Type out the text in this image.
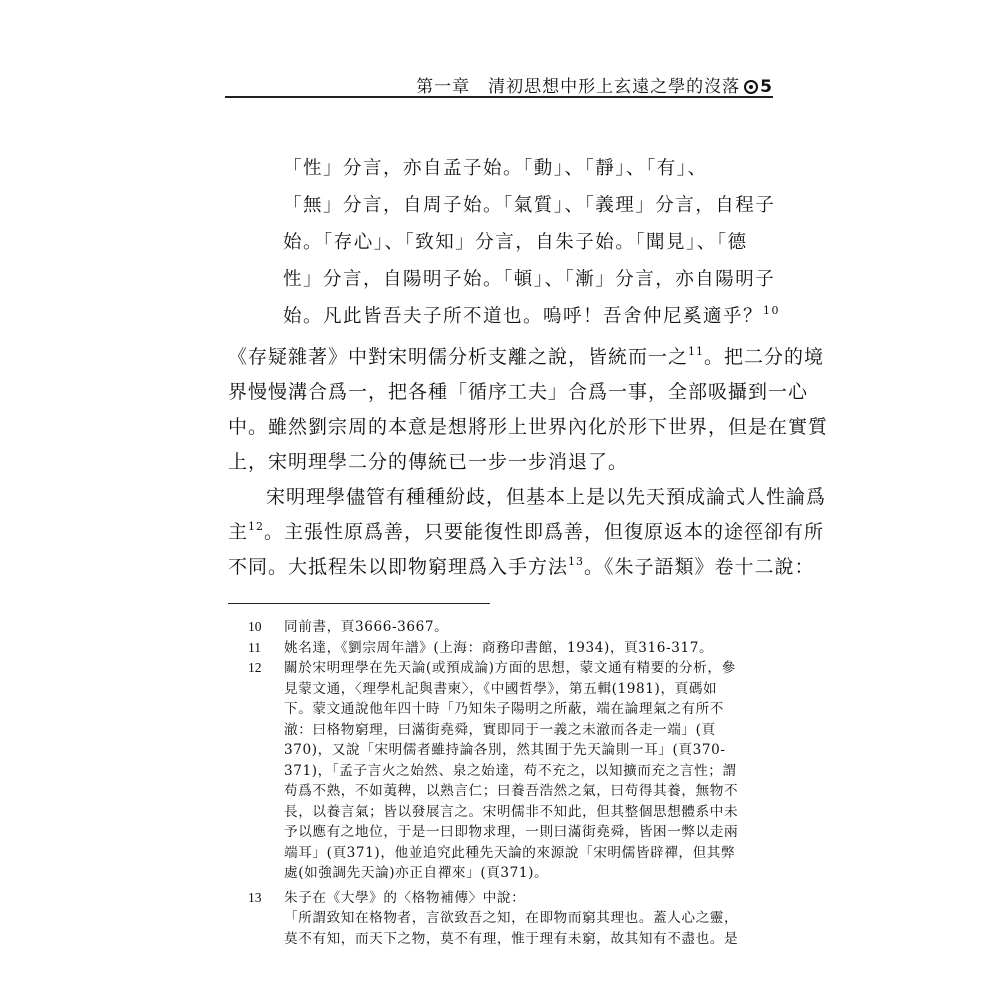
第一章　清初思想中形上玄遠之學的沒落 5
「性」分言，亦自孟子始。「動」、「靜」、「有」、
「無」分言，自周子始。「氣質」、「義理」分言，自程子
始。「存心」、「致知」分言，自朱子始。「聞見」、「德
性」分言，自陽明子始。「頓」、「漸」分言，亦自陽明子
始。凡此皆吾夫子所不道也。嗚呼！吾舍仲尼奚適乎？$^{10}$
《存疑雜著》中對宋明儒分析支離之說，皆統而一之$^{11}$。把二分的境
界慢慢溝合爲一，把各種「循序工夫」合爲一事，全部吸攝到一心
中。雖然劉宗周的本意是想將形上世界內化於形下世界，但是在實質
上，宋明理學二分的傳統已一步一步消退了。
宋明理學儘管有種種紛歧，但基本上是以先天預成論式人性論爲
主$^{12}$。主張性原爲善，只要能復性即爲善，但復原返本的途徑卻有所
不同。大抵程朱以即物窮理爲入手方法$^{13}$。《朱子語類》卷十二說：
10	同前書，頁3666-3667。
11	姚名達，《劉宗周年譜》(上海：商務印書館，1934)，頁316-317。
12	關於宋明理學在先天論(或預成論)方面的思想，蒙文通有精要的分析，參
見蒙文通，〈理學札記與書柬〉，《中國哲學》，第五輯(1981)，頁碼如
下。蒙文通說他年四十時「乃知朱子陽明之所蔽，端在論理氣之有所不
澈：曰格物窮理，曰滿街堯舜，實即同于一義之未澈而各走一端」(頁
370)，又說「宋明儒者雖持論各別，然其囿于先天論則一耳」(頁370-
371)，「孟子言火之始然、泉之始達，苟不充之，以知擴而充之言性；謂
苟爲不熟，不如荑稗，以熟言仁；曰養吾浩然之氣，曰苟得其養，無物不
長，以養言氣；皆以發展言之。宋明儒非不知此，但其整個思想體系中未
予以應有之地位，于是一曰即物求理，一則曰滿街堯舜，皆困一弊以走兩
端耳」(頁371)，他並追究此種先天論的來源說「宋明儒皆辟禪，但其弊
處(如強調先天論)亦正自禪來」(頁371)。
13	朱子在《大學》的〈格物補傳〉中說：
「所謂致知在格物者，言欲致吾之知，在即物而窮其理也。蓋人心之靈，
莫不有知，而天下之物，莫不有理，惟于理有未窮，故其知有不盡也。是
